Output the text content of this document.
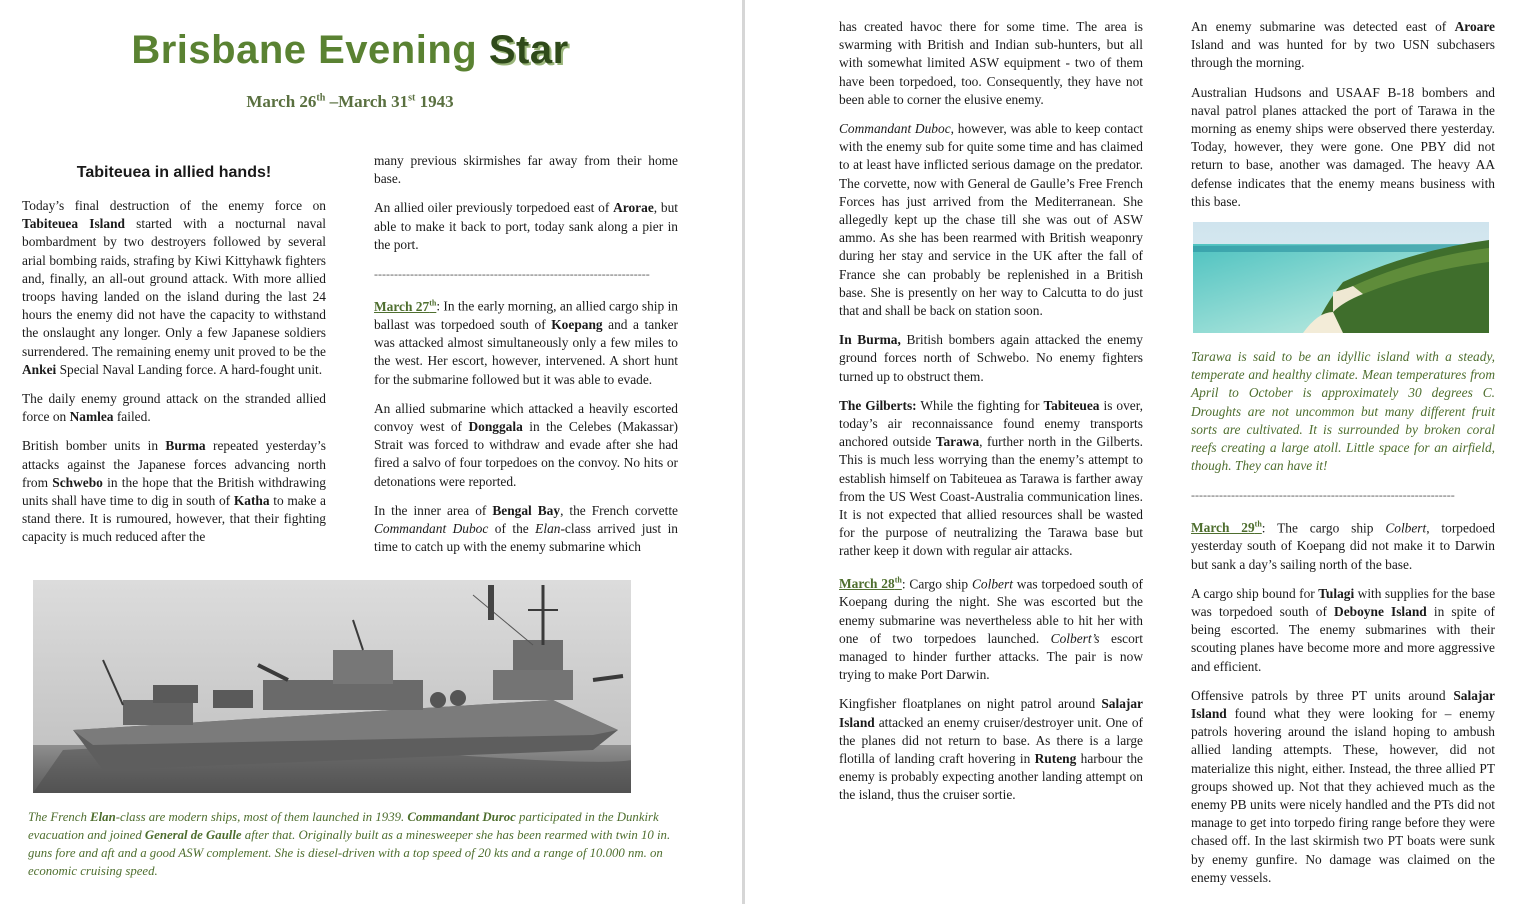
Brisbane Evening Star
March 26th –March 31st 1943
Tabiteuea in allied hands!

Today’s final destruction of the enemy force on Tabiteuea Island started with a nocturnal naval bombardment by two destroyers followed by several arial bombing raids, strafing by Kiwi Kittyhawk fighters and, finally, an all-out ground attack. With more allied troops having landed on the island during the last 24 hours the enemy did not have the capacity to withstand the onslaught any longer. Only a few Japanese soldiers surrendered. The remaining enemy unit proved to be the Ankei Special Naval Landing force. A hard-fought unit.

The daily enemy ground attack on the stranded allied force on Namlea failed.

British bomber units in Burma repeated yesterday’s attacks against the Japanese forces advancing north from Schwebo in the hope that the British withdrawing units shall have time to dig in south of Katha to make a stand there. It is rumoured, however, that their fighting capacity is much reduced after the

many previous skirmishes far away from their home base.

An allied oiler previously torpedoed east of Arorae, but able to make it back to port, today sank along a pier in the port.

---------------------------------------------------------------------

March 27th: In the early morning, an allied cargo ship in ballast was torpedoed south of Koepang and a tanker was attacked almost simultaneously only a few miles to the west. Her escort, however, intervened. A short hunt for the submarine followed but it was able to evade.

An allied submarine which attacked a heavily escorted convoy west of Donggala in the Celebes (Makassar) Strait was forced to withdraw and evade after she had fired a salvo of four torpedoes on the convoy. No hits or detonations were reported.

In the inner area of Bengal Bay, the French corvette Commandant Duboc of the Elan-class arrived just in time to catch up with the enemy submarine which

The French Elan-class are modern ships, most of them launched in 1939. Commandant Duroc participated in the Dunkirk evacuation and joined General de Gaulle after that. Originally built as a minesweeper she has been rearmed with twin 10 in. guns fore and aft and a good ASW complement. She is diesel-driven with a top speed of 20 kts and a range of 10.000 nm. on economic cruising speed.

has created havoc there for some time. The area is swarming with British and Indian sub-hunters, but all with somewhat limited ASW equipment - two of them have been torpedoed, too. Consequently, they have not been able to corner the elusive enemy.

Commandant Duboc, however, was able to keep contact with the enemy sub for quite some time and has claimed to at least have inflicted serious damage on the predator. The corvette, now with General de Gaulle’s Free French Forces has just arrived from the Mediterranean. She allegedly kept up the chase till she was out of ASW ammo. As she has been rearmed with British weaponry during her stay and service in the UK after the fall of France she can probably be replenished in a British base. She is presently on her way to Calcutta to do just that and shall be back on station soon.

In Burma, British bombers again attacked the enemy ground forces north of Schwebo. No enemy fighters turned up to obstruct them.

The Gilberts: While the fighting for Tabiteuea is over, today’s air reconnaissance found enemy transports anchored outside Tarawa, further north in the Gilberts. This is much less worrying than the enemy’s attempt to establish himself on Tabiteuea as Tarawa is farther away from the US West Coast-Australia communication lines. It is not expected that allied resources shall be wasted for the purpose of neutralizing the Tarawa base but rather keep it down with regular air attacks.

March 28th: Cargo ship Colbert was torpedoed south of Koepang during the night. She was escorted but the enemy submarine was nevertheless able to hit her with one of two torpedoes launched. Colbert’s escort managed to hinder further attacks. The pair is now trying to make Port Darwin.

Kingfisher floatplanes on night patrol around Salajar Island attacked an enemy cruiser/destroyer unit. One of the planes did not return to base. As there is a large flotilla of landing craft hovering in Ruteng harbour the enemy is probably expecting another landing attempt on the island, thus the cruiser sortie.

An enemy submarine was detected east of Aroare Island and was hunted for by two USN subchasers through the morning.

Australian Hudsons and USAAF B-18 bombers and naval patrol planes attacked the port of Tarawa in the morning as enemy ships were observed there yesterday. Today, however, they were gone. One PBY did not return to base, another was damaged. The heavy AA defense indicates that the enemy means business with this base.

Tarawa is said to be an idyllic island with a steady, temperate and healthy climate. Mean temperatures from April to October is approximately 30 degrees C. Droughts are not uncommon but many different fruit sorts are cultivated. It is surrounded by broken coral reefs creating a large atoll. Little space for an airfield, though. They can have it!

------------------------------------------------------------------

March 29th: The cargo ship Colbert, torpedoed yesterday south of Koepang did not make it to Darwin but sank a day’s sailing north of the base.

A cargo ship bound for Tulagi with supplies for the base was torpedoed south of Deboyne Island in spite of being escorted. The enemy submarines with their scouting planes have become more and more aggressive and efficient.

Offensive patrols by three PT units around Salajar Island found what they were looking for – enemy patrols hovering around the island hoping to ambush allied landing attempts. These, however, did not materialize this night, either. Instead, the three allied PT groups showed up. Not that they achieved much as the enemy PB units were nicely handled and the PTs did not manage to get into torpedo firing range before they were chased off. In the last skirmish two PT boats were sunk by enemy gunfire. No damage was claimed on the enemy vessels.
